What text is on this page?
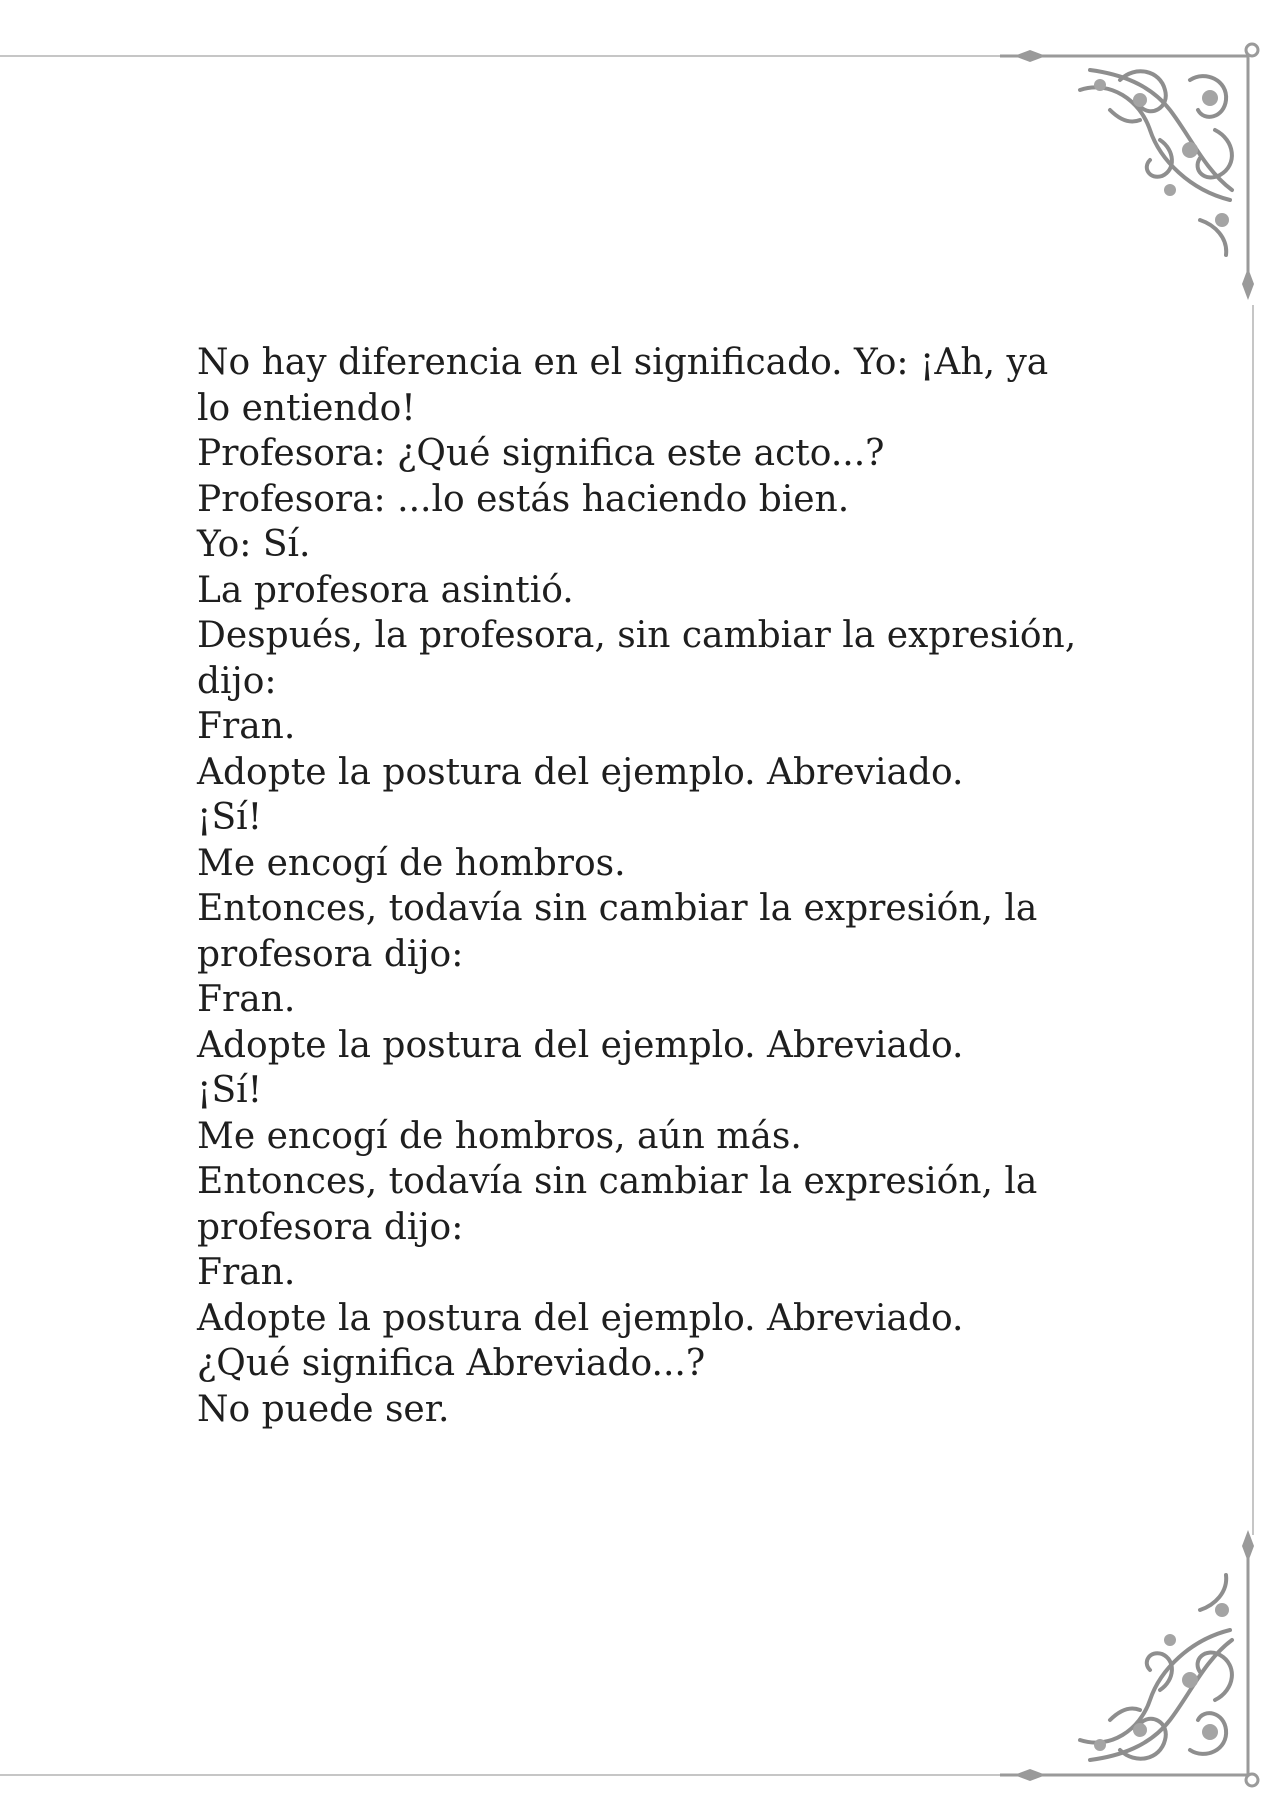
No hay diferencia en el significado. Yo: ¡Ah, ya
lo entiendo!
Profesora: ¿Qué significa este acto...?
Profesora: ...lo estás haciendo bien.
Yo: Sí.
La profesora asintió.
Después, la profesora, sin cambiar la expresión,
dijo:
Fran.
Adopte la postura del ejemplo. Abreviado.
¡Sí!
Me encogí de hombros.
Entonces, todavía sin cambiar la expresión, la
profesora dijo:
Fran.
Adopte la postura del ejemplo. Abreviado.
¡Sí!
Me encogí de hombros, aún más.
Entonces, todavía sin cambiar la expresión, la
profesora dijo:
Fran.
Adopte la postura del ejemplo. Abreviado.
¿Qué significa Abreviado...?
No puede ser.
